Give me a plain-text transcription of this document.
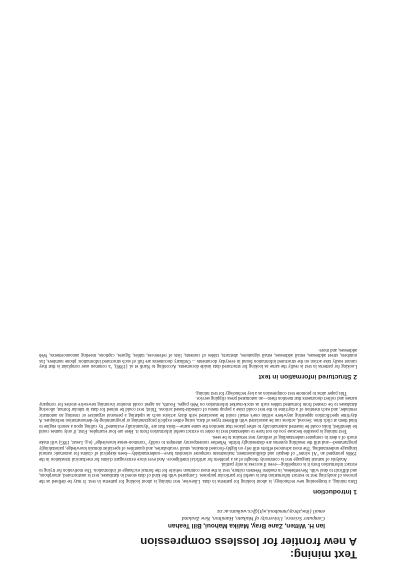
Text mining:
A new frontier for lossless compression
Ian H. Witten, Zane Bray, Malika Mahoui, Bill Teahan
Computer Science, University of Waikato, Hamilton, New Zealand
email {ihw,zbray,mmahoui,wjt}@cs.waikato.ac.nz
1 Introduction

Data mining, a burgeoning new technology, is about looking for patterns in data. Likewise, text mining is about looking for patterns in text. It may be defined as the process of analyzing text to extract information that is useful for particular purposes. Compared with the kind of data stored in databases, text is unstructured, amorphous, and difficult to deal with. Nevertheless, in modern Western culture, text is the most common vehicle for the formal exchange of information. The motivation for trying to extract information from it is compelling—even if success is only partial.

Analysis of natural language text is commonly thought of as a problem for artificial intelligence. And ever since extravagant claims for mechanical translation in the 1960s prompted an "AI winter" of despair and disillusionment, mainstream computer scientists have—understandably—been skeptical of claims for automatic natural language understanding. The most advanced efforts still rely on highly-focused domains, small vocabularies, and quantities of specialist domain knowledge, painstakingly programmed—and still the resulting systems are distressingly brittle. Whether contemporary attempts to codify "common-sense knowledge" (e.g. Lenat, 1995) will make much of a dent in computer understanding of ordinary text remains to be seen.

Text mining is possible because you do not have to understand text in order to extract useful information from it. Here are four examples. First, if only names could be identified, links could be inserted automatically to other places that mention the same name—links that are "dynamically evaluated" by calling upon a search engine to bind them at click time. Second, actions can be associated with different types of data, using either explicit programming or programming-by-demonstration techniques. A day/time specification appearing anywhere within one's email could be associated with diary actions such as updating a personal organizer or creating an automatic reminder, and each mention of a day/time in the text could raise a popup menu of calendar-based actions. Third, text could be mined for data in tabular format, allowing databases to be created from formatted tables such as stock-market information on Web pages. Fourth, an agent could monitor incoming newswire stories for company names and collect documents that mention them—an automated press clipping service.

This paper aims to promote text compression as a key technology for text mining.

2 Structured information in text

Looking for patterns in text is really the same as looking for structured data inside documents. According to Nardi et al. (1998), "a common user complaint is that they cannot easily take action on the structured information found in everyday documents ... Ordinary documents are full of such structured information: phone numbers, fax numbers, street addresses, email addresses, email signatures, abstracts, tables of contents, lists of references, tables, figures, captions, meeting announcements, Web addresses, and more.
